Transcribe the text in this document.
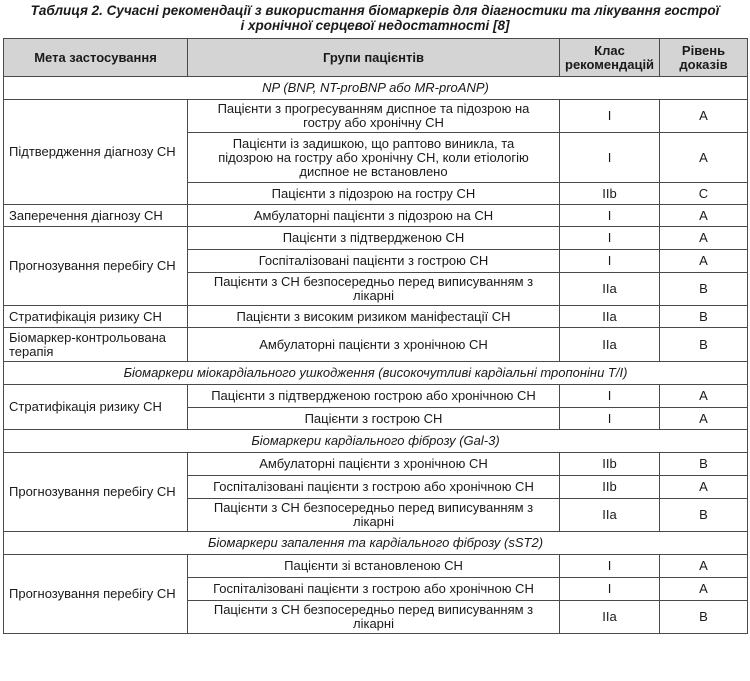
Таблиця 2. Сучасні рекомендації з використання біомаркерів для діагностики та лікування гострої
і хронічної серцевої недостатності [8]
Мета застосування	Групи пацієнтів	Клас рекомендацій	Рівень доказів
NP (BNP, NT-proBNP або MR-proANP)			
Підтвердження діагнозу СН	Пацієнти з прогресуванням диспное та підозрою на гостру або хронічну СН	I	A
	Пацієнти із задишкою, що раптово виникла, та підозрою на гостру або хронічну СН, коли етіологію диспное не встановлено	I	A
	Пацієнти з підозрою на гостру СН	IIb	C
Заперечення діагнозу СН	Амбулаторні пацієнти з підозрою на СН	I	A
Прогнозування перебігу СН	Пацієнти з підтвердженою СН	I	A
	Госпіталізовані пацієнти з гострою СН	I	A
	Пацієнти з СН безпосередньо перед виписуванням з лікарні	IIa	B
Стратифікація ризику СН	Пацієнти з високим ризиком маніфестації СН	IIa	B
Біомаркер-контрольована терапія	Амбулаторні пацієнти з хронічною СН	IIa	B
Біомаркери міокардіального ушкодження (високочутливі кардіальні тропоніни T/I)			
Стратифікація ризику СН	Пацієнти з підтвердженою гострою або хронічною СН	I	A
	Пацієнти з гострою СН	I	A
Біомаркери кардіального фіброзу (Gal-3)			
Прогнозування перебігу СН	Амбулаторні пацієнти з хронічною СН	IIb	B
	Госпіталізовані пацієнти з гострою або хронічною СН	IIb	A
	Пацієнти з СН безпосередньо перед виписуванням з лікарні	IIa	B
Біомаркери запалення та кардіального фіброзу (sST2)			
Прогнозування перебігу СН	Пацієнти зі встановленою СН	I	A
	Госпіталізовані пацієнти з гострою або хронічною СН	I	A
	Пацієнти з СН безпосередньо перед виписуванням з лікарні	IIa	B
